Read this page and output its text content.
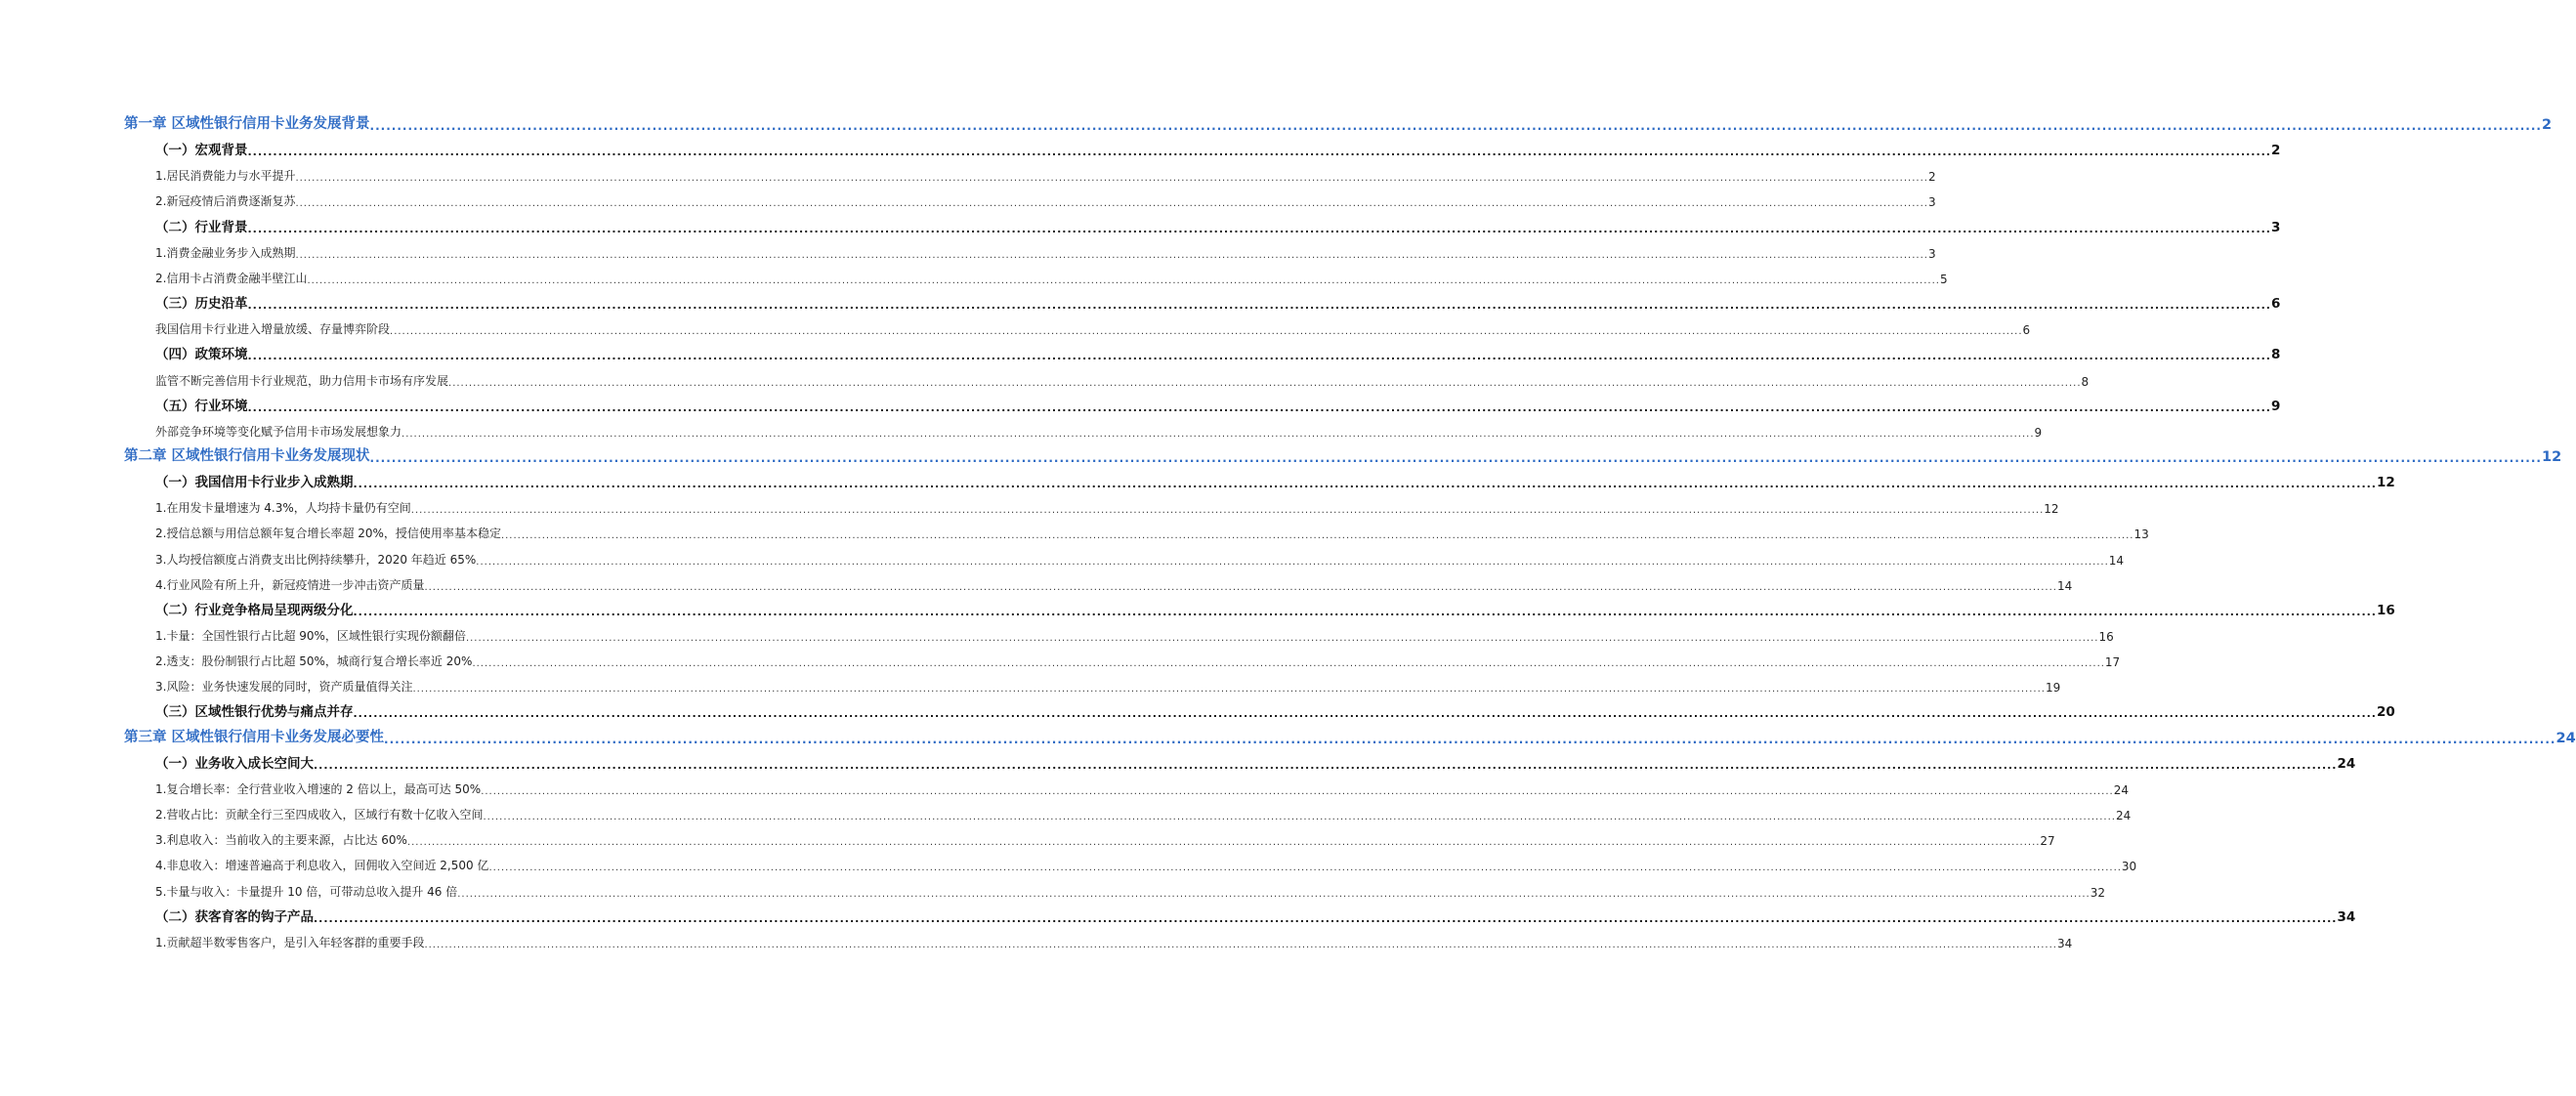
第一章 区域性银行信用卡业务发展背景 ................................................................................................................................................................................................................................................................................................................................................................................................................ 2
（一）宏观背景 ................................................................................................................................................................................................................................................................................................................................................................................................................ 2
1.居民消费能力与水平提升 ................................................................................................................................................................................................................................................................................................................................................................................................................ 2
2.新冠疫情后消费逐渐复苏 ................................................................................................................................................................................................................................................................................................................................................................................................................ 3
（二）行业背景 ................................................................................................................................................................................................................................................................................................................................................................................................................ 3
1.消费金融业务步入成熟期 ................................................................................................................................................................................................................................................................................................................................................................................................................ 3
2.信用卡占消费金融半壁江山 ................................................................................................................................................................................................................................................................................................................................................................................................................ 5
（三）历史沿革 ................................................................................................................................................................................................................................................................................................................................................................................................................ 6
我国信用卡行业进入增量放缓、存量博弈阶段 ................................................................................................................................................................................................................................................................................................................................................................................................................ 6
（四）政策环境 ................................................................................................................................................................................................................................................................................................................................................................................................................ 8
监管不断完善信用卡行业规范，助力信用卡市场有序发展 ................................................................................................................................................................................................................................................................................................................................................................................................................ 8
（五）行业环境 ................................................................................................................................................................................................................................................................................................................................................................................................................ 9
外部竞争环境等变化赋予信用卡市场发展想象力 ................................................................................................................................................................................................................................................................................................................................................................................................................ 9
第二章 区域性银行信用卡业务发展现状 ................................................................................................................................................................................................................................................................................................................................................................................................................ 12
（一）我国信用卡行业步入成熟期 ................................................................................................................................................................................................................................................................................................................................................................................................................ 12
1.在用发卡量增速为 4.3%，人均持卡量仍有空间 ................................................................................................................................................................................................................................................................................................................................................................................................................ 12
2.授信总额与用信总额年复合增长率超 20%，授信使用率基本稳定 ................................................................................................................................................................................................................................................................................................................................................................................................................ 13
3.人均授信额度占消费支出比例持续攀升，2020 年趋近 65% ................................................................................................................................................................................................................................................................................................................................................................................................................ 14
4.行业风险有所上升，新冠疫情进一步冲击资产质量 ................................................................................................................................................................................................................................................................................................................................................................................................................ 14
（二）行业竞争格局呈现两级分化 ................................................................................................................................................................................................................................................................................................................................................................................................................ 16
1.卡量：全国性银行占比超 90%，区域性银行实现份额翻倍 ................................................................................................................................................................................................................................................................................................................................................................................................................ 16
2.透支：股份制银行占比超 50%，城商行复合增长率近 20% ................................................................................................................................................................................................................................................................................................................................................................................................................ 17
3.风险：业务快速发展的同时，资产质量值得关注 ................................................................................................................................................................................................................................................................................................................................................................................................................ 19
（三）区域性银行优势与痛点并存 ................................................................................................................................................................................................................................................................................................................................................................................................................ 20
第三章 区域性银行信用卡业务发展必要性 ................................................................................................................................................................................................................................................................................................................................................................................................................ 24
（一）业务收入成长空间大 ................................................................................................................................................................................................................................................................................................................................................................................................................ 24
1.复合增长率：全行营业收入增速的 2 倍以上，最高可达 50% ................................................................................................................................................................................................................................................................................................................................................................................................................ 24
2.营收占比：贡献全行三至四成收入，区域行有数十亿收入空间 ................................................................................................................................................................................................................................................................................................................................................................................................................ 24
3.利息收入：当前收入的主要来源，占比达 60% ................................................................................................................................................................................................................................................................................................................................................................................................................ 27
4.非息收入：增速普遍高于利息收入，回佣收入空间近 2,500 亿 ................................................................................................................................................................................................................................................................................................................................................................................................................ 30
5.卡量与收入：卡量提升 10 倍，可带动总收入提升 46 倍 ................................................................................................................................................................................................................................................................................................................................................................................................................ 32
（二）获客育客的钩子产品 ................................................................................................................................................................................................................................................................................................................................................................................................................ 34
1.贡献超半数零售客户，是引入年轻客群的重要手段 ................................................................................................................................................................................................................................................................................................................................................................................................................ 34
